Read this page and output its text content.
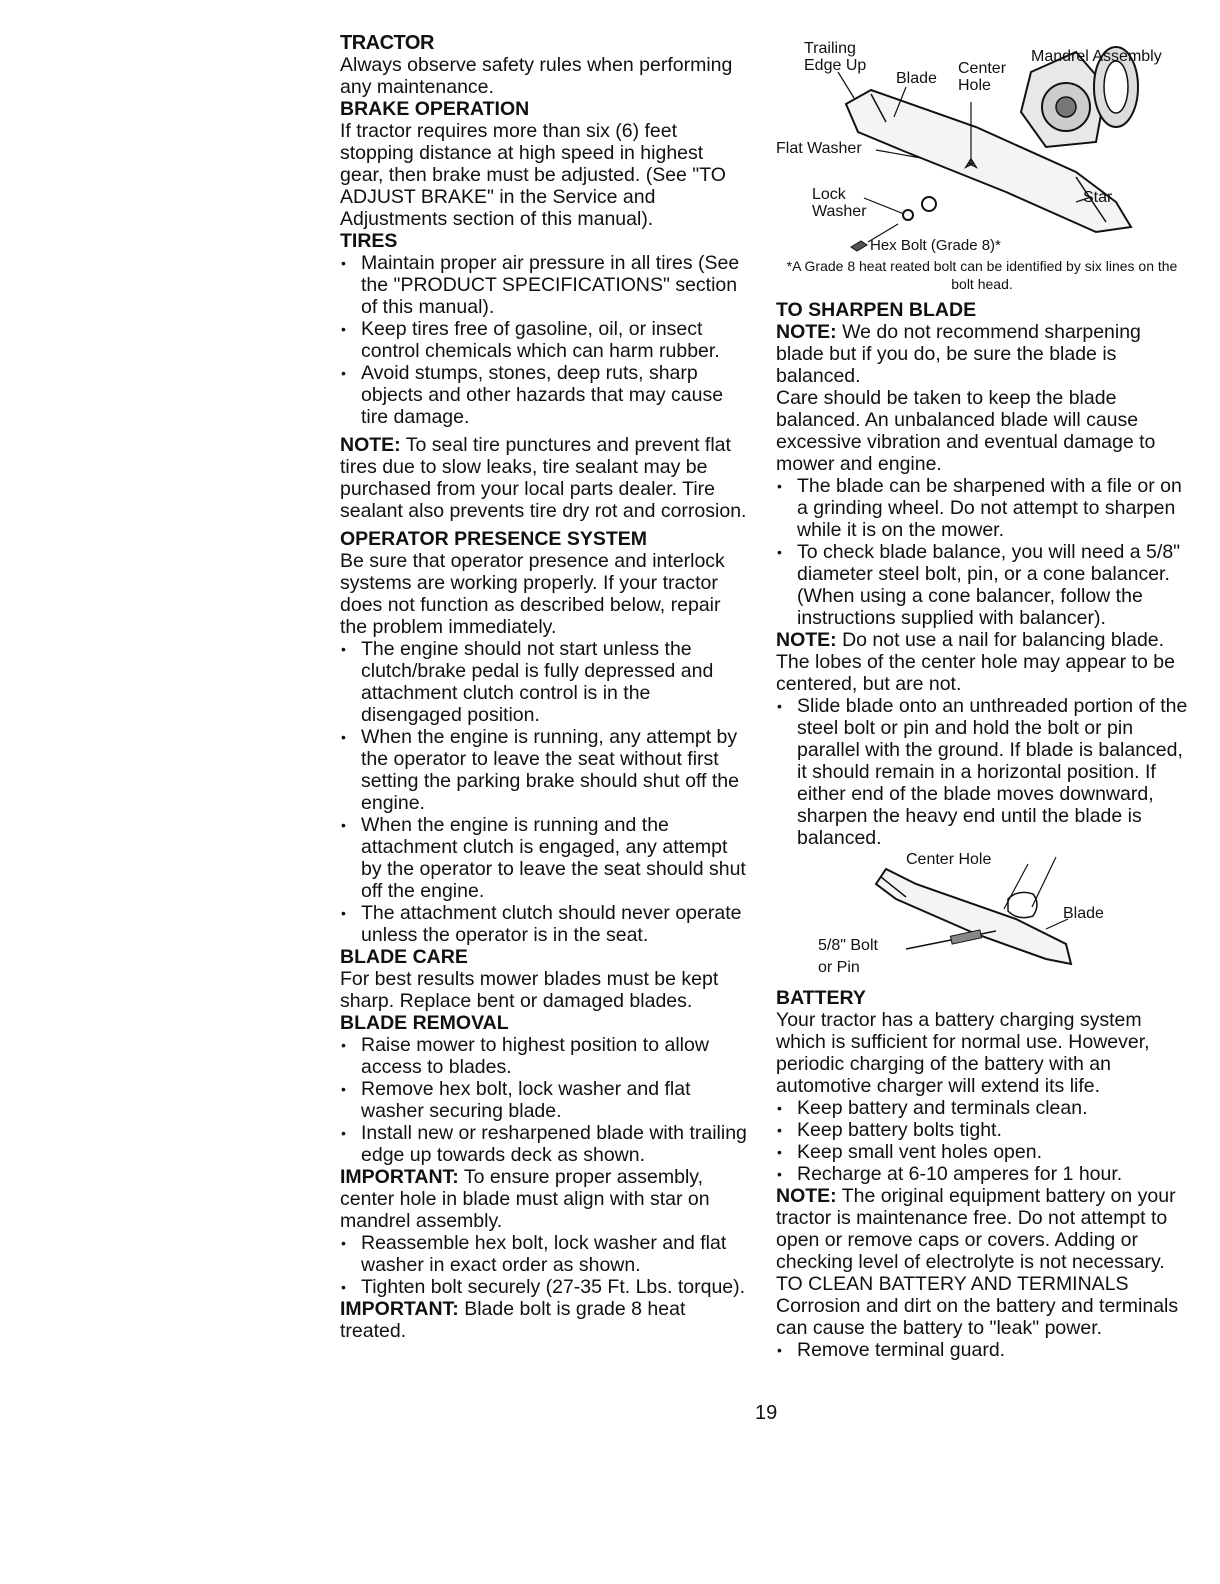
TRACTOR

Always observe safety rules when performing any maintenance.

BRAKE OPERATION

If tractor requires more than six (6) feet stopping distance at high speed in highest gear, then brake must be adjusted. (See "TO ADJUST BRAKE" in the Service and Adjustments section of this manual).

TIRES
• Maintain proper air pressure in all tires (See the "PRODUCT SPECIFICATIONS" section of this manual).
• Keep tires free of gasoline, oil, or insect control chemicals which can harm rubber.
• Avoid stumps, stones, deep ruts, sharp objects and other hazards that may cause tire damage.

NOTE: To seal tire punctures and prevent flat tires due to slow leaks, tire sealant may be purchased from your local parts dealer. Tire sealant also prevents tire dry rot and corrosion.

OPERATOR PRESENCE SYSTEM

Be sure that operator presence and interlock systems are working properly. If your tractor does not function as described below, repair the problem immediately.

• The engine should not start unless the clutch/brake pedal is fully depressed and attachment clutch control is in the disengaged position.
• When the engine is running, any attempt by the operator to leave the seat without first setting the parking brake should shut off the engine.
• When the engine is running and the attachment clutch is engaged, any attempt by the operator to leave the seat should shut off the engine.
• The attachment clutch should never operate unless the operator is in the seat.
BLADE CARE

For best results mower blades must be kept sharp. Replace bent or damaged blades.

BLADE REMOVAL
• Raise mower to highest position to allow access to blades.
• Remove hex bolt, lock washer and flat washer securing blade.
• Install new or resharpened blade with trailing edge up towards deck as shown.

IMPORTANT: To ensure proper assembly, center hole in blade must align with star on mandrel assembly.

• Reassemble hex bolt, lock washer and flat washer in exact order as shown.
• Tighten bolt securely (27-35 Ft. Lbs. torque).

IMPORTANT: Blade bolt is grade 8 heat treated.

Trailing
Edge Up
Blade
Center
Hole
Mandrel Assembly
Flat Washer
Lock
Washer
Star
Hex Bolt (Grade 8)*

*A Grade 8 heat reated bolt can be identified by six lines on the bolt head.

TO SHARPEN BLADE

NOTE: We do not recommend sharpening blade but if you do, be sure the blade is balanced.

Care should be taken to keep the blade balanced. An unbalanced blade will cause excessive vibration and eventual damage to mower and engine.

• The blade can be sharpened with a file or on a grinding wheel. Do not attempt to sharpen while it is on the mower.
• To check blade balance, you will need a 5/8" diameter steel bolt, pin, or a cone balancer. (When using a cone balancer, follow the instructions supplied with balancer).

NOTE: Do not use a nail for balancing blade. The lobes of the center hole may appear to be centered, but are not.

• Slide blade onto an unthreaded portion of the steel bolt or pin and hold the bolt or pin parallel with the ground. If blade is balanced, it should remain in a horizontal position. If either end of the blade moves downward, sharpen the heavy end until the blade is balanced.
Center Hole
Blade
5/8" Bolt
or Pin
BATTERY

Your tractor has a battery charging system which is sufficient for normal use. However, periodic charging of the battery with an automotive charger will extend its life.

• Keep battery and terminals clean.
• Keep battery bolts tight.
• Keep small vent holes open.
• Recharge at 6-10 amperes for 1 hour.

NOTE: The original equipment battery on your tractor is maintenance free. Do not attempt to open or remove caps or covers. Adding or checking level of electrolyte is not necessary.

TO CLEAN BATTERY AND TERMINALS

Corrosion and dirt on the battery and terminals can cause the battery to "leak" power.

• Remove terminal guard.
19
